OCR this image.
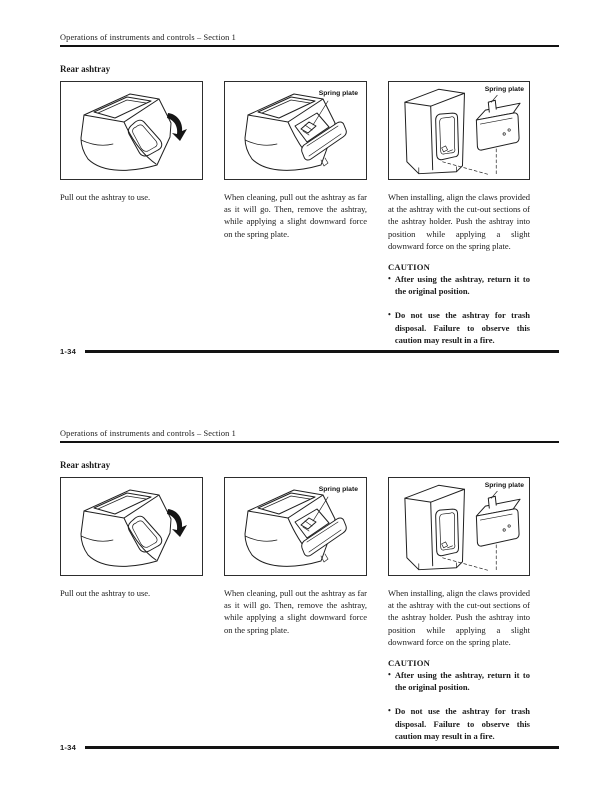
Operations of instruments and controls – Section 1
Rear ashtray
Spring plate
Spring plate

Pull out the ashtray to use.	When cleaning, pull out the ashtray as far as it will go. Then, remove the ashtray, while applying a slight downward force on the spring plate.

When installing, align the claws provided at the ashtray with the cut-out sections of the ashtray holder. Push the ashtray into position while applying a slight downward force on the spring plate.

CAUTION
• After using the ashtray, return it to the original position.
• Do not use the ashtray for trash disposal. Failure to observe this caution may result in a fire.
1-34
Operations of instruments and controls – Section 1
Rear ashtray
Spring plate
Spring plate

Pull out the ashtray to use.	When cleaning, pull out the ashtray as far as it will go. Then, remove the ashtray, while applying a slight downward force on the spring plate.

When installing, align the claws provided at the ashtray with the cut-out sections of the ashtray holder. Push the ashtray into position while applying a slight downward force on the spring plate.

CAUTION
• After using the ashtray, return it to the original position.
• Do not use the ashtray for trash disposal. Failure to observe this caution may result in a fire.
1-34
